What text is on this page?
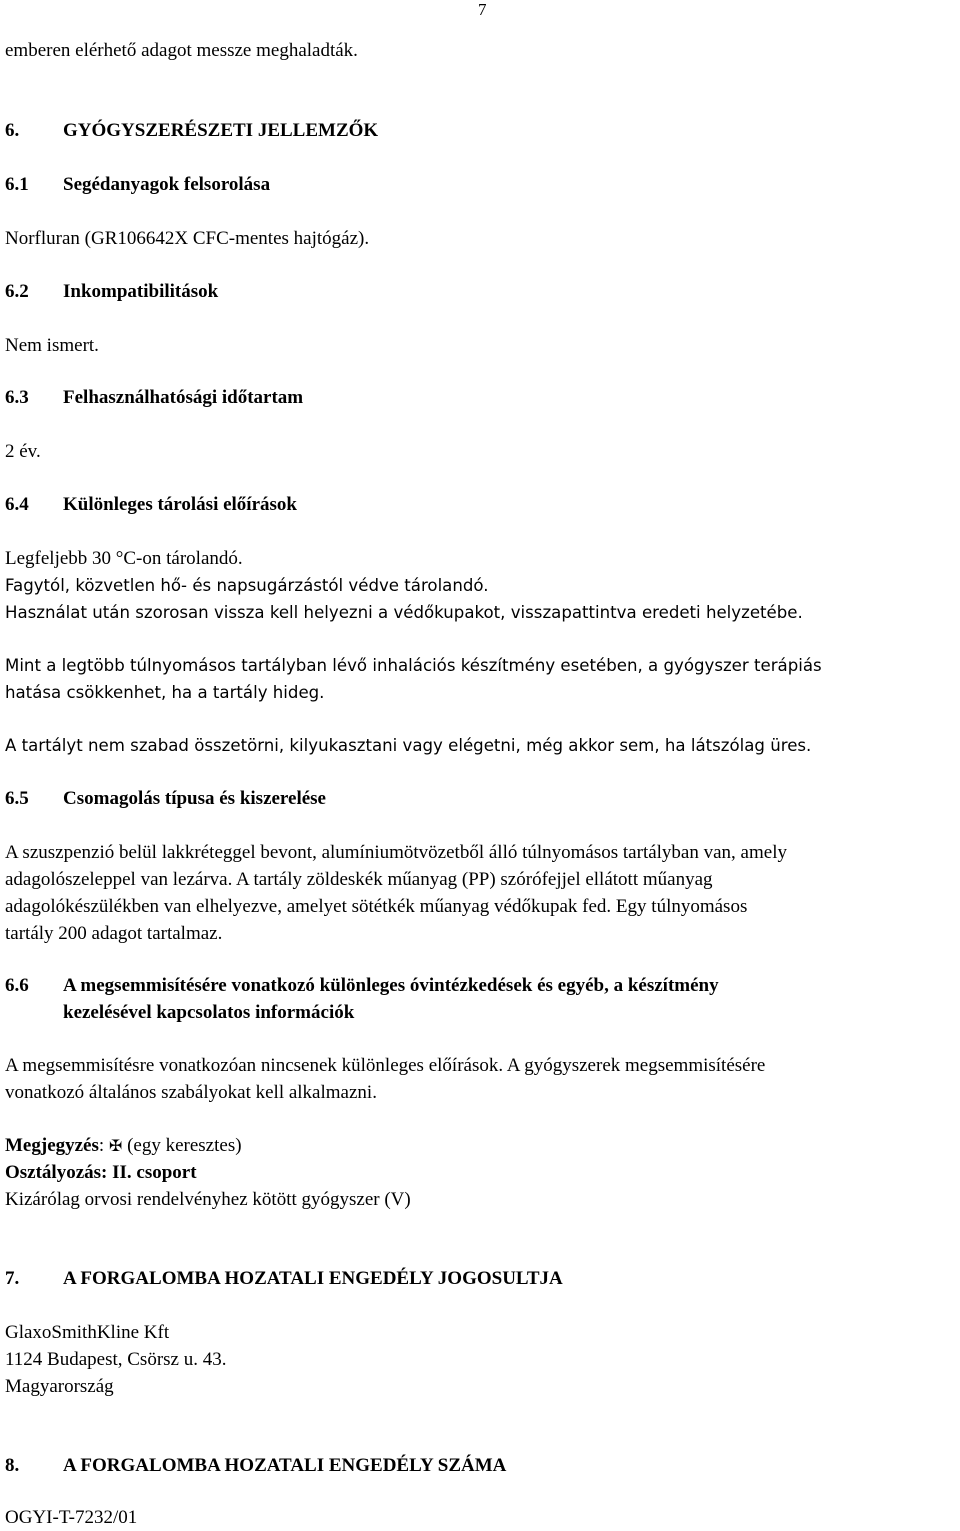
7
emberen elérhető adagot messze meghaladták.
6. GYÓGYSZERÉSZETI JELLEMZŐK
6.1 Segédanyagok felsorolása
Norfluran (GR106642X CFC-mentes hajtógáz).
6.2 Inkompatibilitások
Nem ismert.
6.3 Felhasználhatósági időtartam
2 év.
6.4 Különleges tárolási előírások
Legfeljebb 30 °C-on tárolandó.
Fagytól, közvetlen hő- és napsugárzástól védve tárolandó.
Használat után szorosan vissza kell helyezni a védőkupakot, visszapattintva eredeti helyzetébe.
Mint a legtöbb túlnyomásos tartályban lévő inhalációs készítmény esetében, a gyógyszer terápiás
hatása csökkenhet, ha a tartály hideg.
A tartályt nem szabad összetörni, kilyukasztani vagy elégetni, még akkor sem, ha látszólag üres.
6.5 Csomagolás típusa és kiszerelése
A szuszpenzió belül lakkréteggel bevont, alumíniumötvözetből álló túlnyomásos tartályban van, amely
adagolószeleppel van lezárva. A tartály zöldeskék műanyag (PP) szórófejjel ellátott műanyag
adagolókészülékben van elhelyezve, amelyet sötétkék műanyag védőkupak fed. Egy túlnyomásos
tartály 200 adagot tartalmaz.
6.6 A megsemmisítésére vonatkozó különleges óvintézkedések és egyéb, a készítmény
kezelésével kapcsolatos információk
A megsemmisítésre vonatkozóan nincsenek különleges előírások. A gyógyszerek megsemmisítésére
vonatkozó általános szabályokat kell alkalmazni.
Megjegyzés: ✠ (egy keresztes)
Osztályozás: II. csoport
Kizárólag orvosi rendelvényhez kötött gyógyszer (V)
7. A FORGALOMBA HOZATALI ENGEDÉLY JOGOSULTJA
GlaxoSmithKline Kft
1124 Budapest, Csörsz u. 43.
Magyarország
8. A FORGALOMBA HOZATALI ENGEDÉLY SZÁMA
OGYI-T-7232/01
